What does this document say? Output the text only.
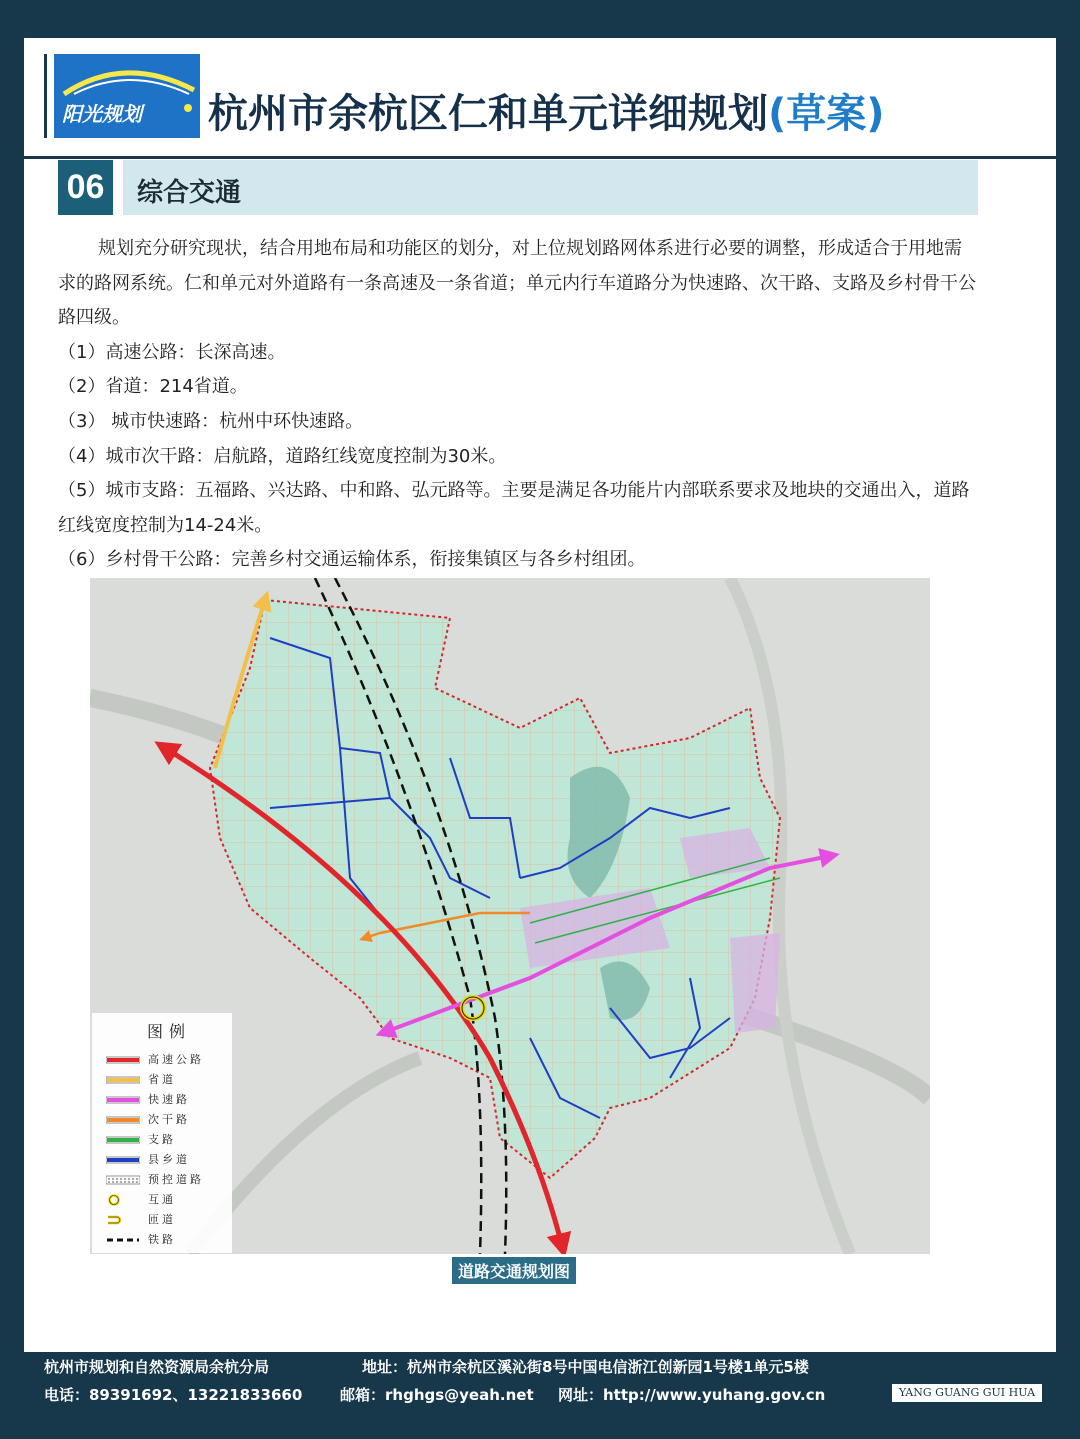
阳光规划 杭州市余杭区仁和单元详细规划(草案)
06	综合交通

规划充分研究现状，结合用地布局和功能区的划分，对上位规划路网体系进行必要的调整，形成适合于用地需求的路网系统。仁和单元对外道路有一条高速及一条省道；单元内行车道路分为快速路、次干路、支路及乡村骨干公路四级。

（1）高速公路：长深高速。

（2）省道：214省道。

（3） 城市快速路：杭州中环快速路。

（4）城市次干路：启航路，道路红线宽度控制为30米。

（5）城市支路：五福路、兴达路、中和路、弘元路等。主要是满足各功能片内部联系要求及地块的交通出入，道路红线宽度控制为14-24米。

（6）乡村骨干公路：完善乡村交通运输体系，衔接集镇区与各乡村组团。

图例
高速公路
省道
快速路
次干路
支路
县乡道
预控道路
互通
匝道
铁路
道路交通规划图
杭州市规划和自然资源局余杭分局	地址：杭州市余杭区溪沁街8号中国电信浙江创新园1号楼1单元5楼
电话：89391692、13221833660	邮箱：rhghgs@yeah.net 网址：http://www.yuhang.gov.cn	YANG GUANG GUI HUA
